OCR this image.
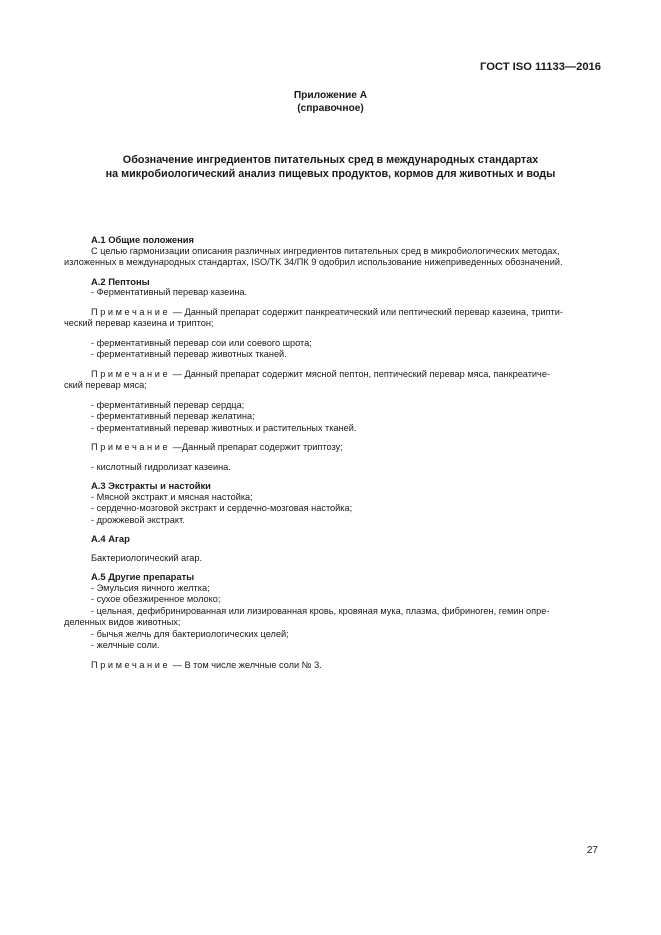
ГОСТ ISO 11133—2016
Приложение А
(справочное)
Обозначение ингредиентов питательных сред в международных стандартах
на микробиологический анализ пищевых продуктов, кормов для животных и воды
А.1 Общие положения
С целью гармонизации описания различных ингредиентов питательных сред в микробиологических методах,
изложенных в международных стандартах, ISO/TK 34/ПК 9 одобрил использование нижеприведенных обозначений.
А.2 Пептоны
- Ферментативный перевар казеина.
Примечание — Данный препарат содержит панкреатический или пептический перевар казеина, трипти-
ческий перевар казеина и триптон;
- ферментативный перевар сои или соевого шрота;
- ферментативный перевар животных тканей.
Примечание — Данный препарат содержит мясной пептон, пептический перевар мяса, панкреатиче-
ский перевар мяса;
- ферментативный перевар сердца;
- ферментативный перевар желатина;
- ферментативный перевар животных и растительных тканей.
Примечание —Данный препарат содержит триптозу;
- кислотный гидролизат казеина.
А.3 Экстракты и настойки
- Мясной экстракт и мясная настойка;
- сердечно-мозговой экстракт и сердечно-мозговая настойка;
- дрожжевой экстракт.
А.4 Агар
Бактериологический агар.
А.5 Другие препараты
- Эмульсия яичного желтка;
- сухое обезжиренное молоко;
- цельная, дефибринированная или лизированная кровь, кровяная мука, плазма, фибриноген, гемин опре-
деленных видов животных;
- бычья желчь для бактериологических целей;
- желчные соли.
Примечание — В том числе желчные соли № 3.
27
